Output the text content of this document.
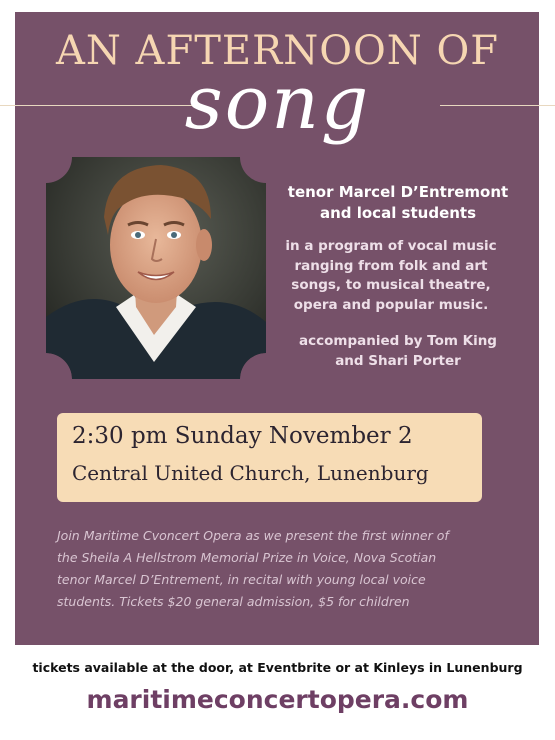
AN AFTERNOON OF
song
tenor Marcel D’Entremont
and local students
in a program of vocal music
ranging from folk and art
songs, to musical theatre,
opera and popular music.
accompanied by Tom King
and Shari Porter
2:30 pm Sunday November 2
Central United Church, Lunenburg
Join Maritime Cvoncert Opera as we present the first winner of
the Sheila A Hellstrom Memorial Prize in Voice, Nova Scotian
tenor Marcel D’Entrement, in recital with young local voice
students. Tickets $20 general admission, $5 for children
tickets available at the door, at Eventbrite or at Kinleys in Lunenburg
maritimeconcertopera.com
